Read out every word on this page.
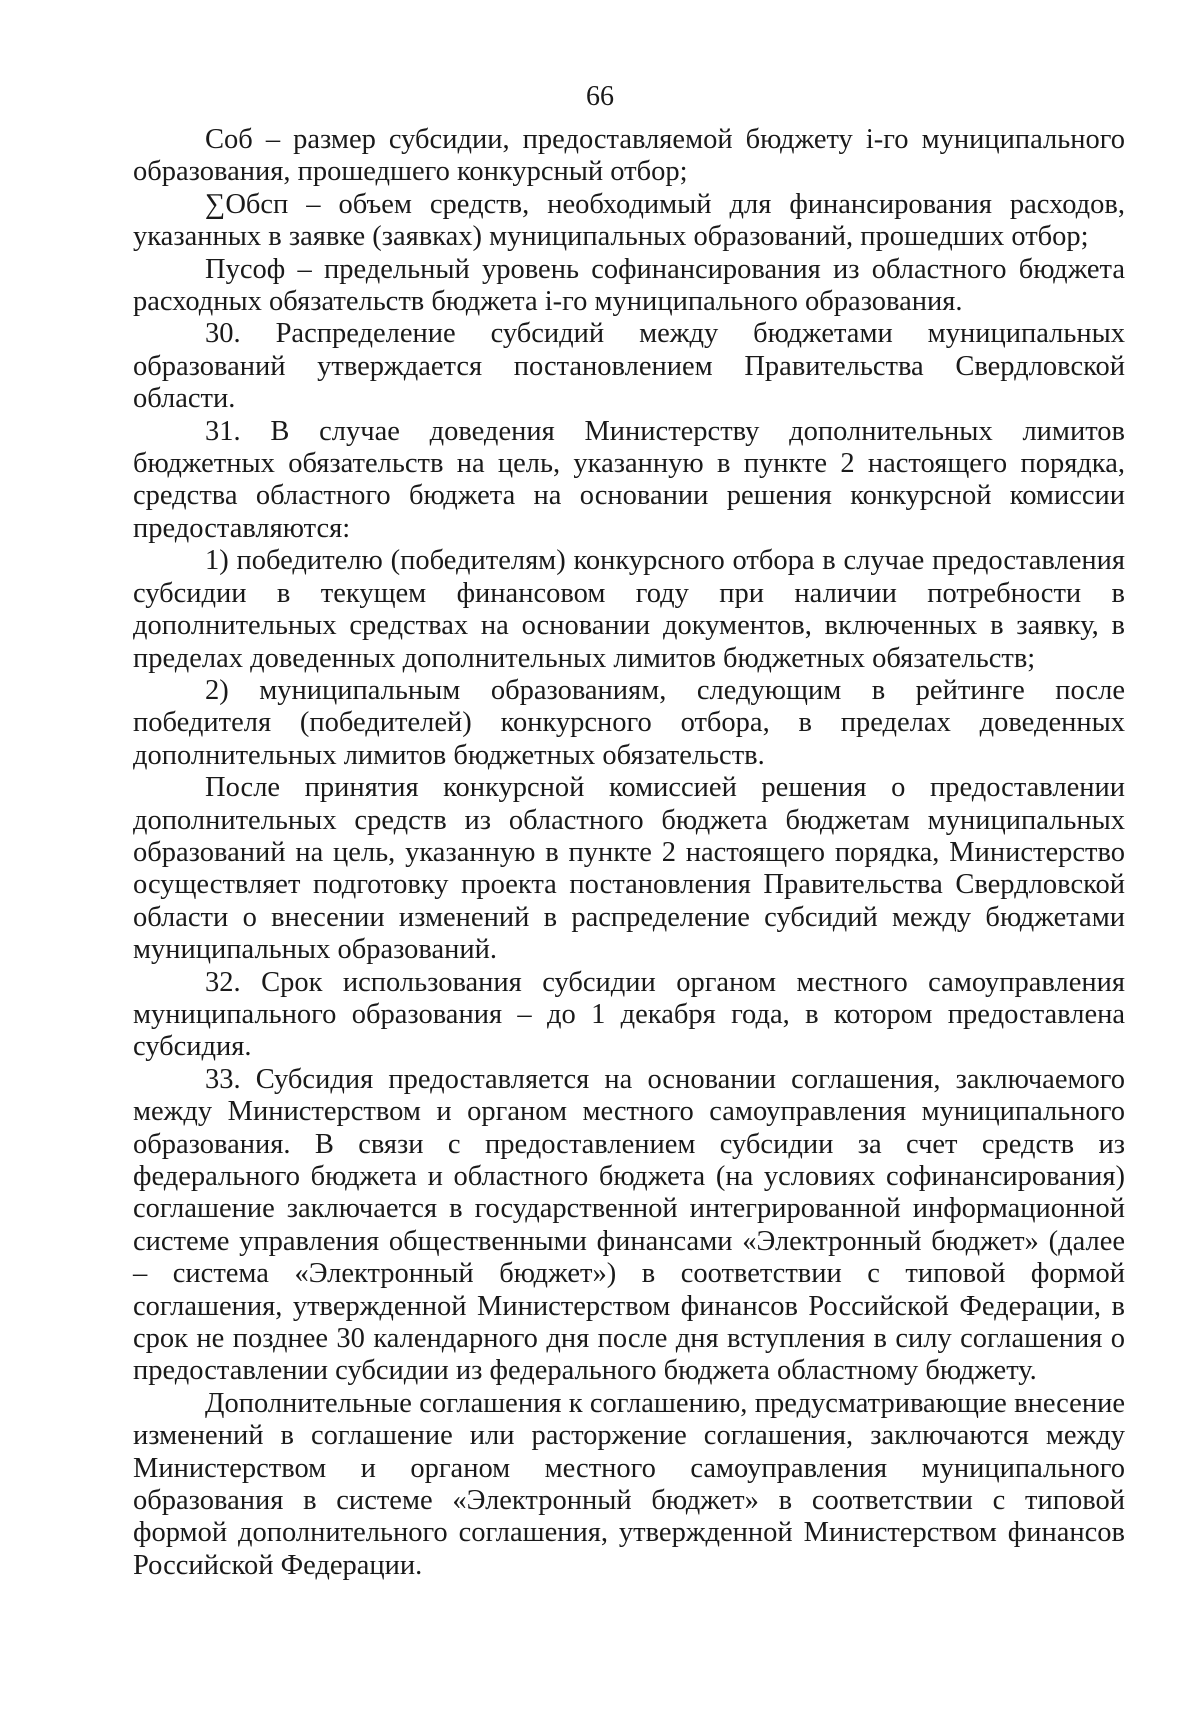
66

Соб – размер субсидии, предоставляемой бюджету i-го муниципального образования, прошедшего конкурсный отбор;

∑Обсп – объем средств, необходимый для финансирования расходов, указанных в заявке (заявках) муниципальных образований, прошедших отбор;

Пусоф – предельный уровень софинансирования из областного бюджета расходных обязательств бюджета i-го муниципального образования.

30. Распределение субсидий между бюджетами муниципальных образований утверждается постановлением Правительства Свердловской области.

31. В случае доведения Министерству дополнительных лимитов бюджетных обязательств на цель, указанную в пункте 2 настоящего порядка, средства областного бюджета на основании решения конкурсной комиссии предоставляются:

1) победителю (победителям) конкурсного отбора в случае предоставления субсидии в текущем финансовом году при наличии потребности в дополнительных средствах на основании документов, включенных в заявку, в пределах доведенных дополнительных лимитов бюджетных обязательств;

2) муниципальным образованиям, следующим в рейтинге после победителя (победителей) конкурсного отбора, в пределах доведенных дополнительных лимитов бюджетных обязательств.

После принятия конкурсной комиссией решения о предоставлении дополнительных средств из областного бюджета бюджетам муниципальных образований на цель, указанную в пункте 2 настоящего порядка, Министерство осуществляет подготовку проекта постановления Правительства Свердловской области о внесении изменений в распределение субсидий между бюджетами муниципальных образований.

32. Срок использования субсидии органом местного самоуправления муниципального образования – до 1 декабря года, в котором предоставлена субсидия.

33. Субсидия предоставляется на основании соглашения, заключаемого между Министерством и органом местного самоуправления муниципального образования. В связи с предоставлением субсидии за счет средств из федерального бюджета и областного бюджета (на условиях софинансирования) соглашение заключается в государственной интегрированной информационной системе управления общественными финансами «Электронный бюджет» (далее – система «Электронный бюджет») в соответствии с типовой формой соглашения, утвержденной Министерством финансов Российской Федерации, в срок не позднее 30 календарного дня после дня вступления в силу соглашения о предоставлении субсидии из федерального бюджета областному бюджету.

Дополнительные соглашения к соглашению, предусматривающие внесение изменений в соглашение или расторжение соглашения, заключаются между Министерством и органом местного самоуправления муниципального образования в системе «Электронный бюджет» в соответствии с типовой формой дополнительного соглашения, утвержденной Министерством финансов Российской Федерации.
